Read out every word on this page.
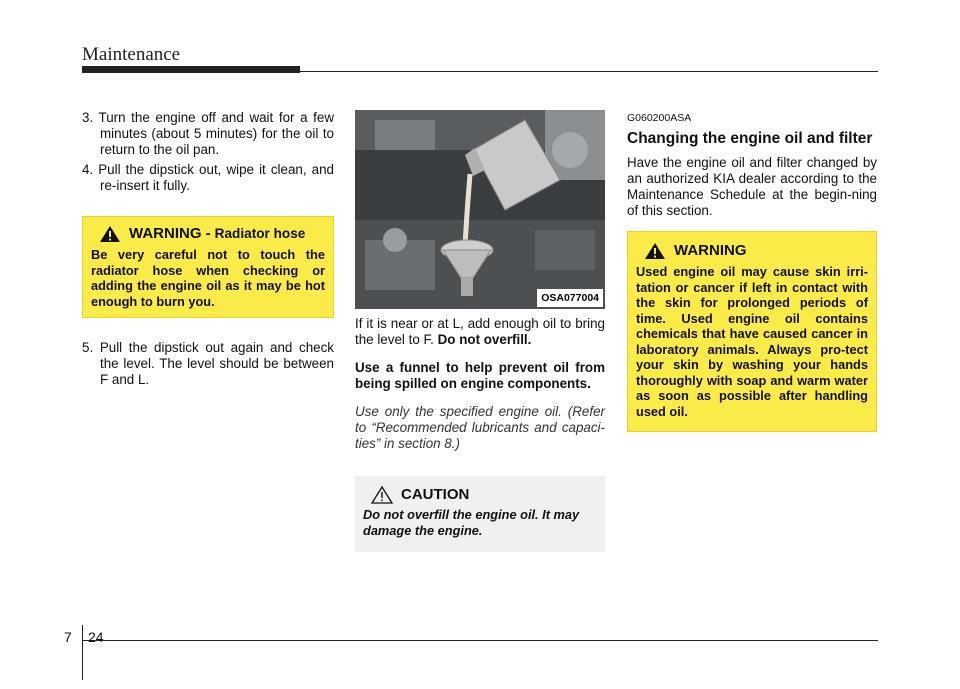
Maintenance

3. Turn the engine off and wait for a few minutes (about 5 minutes) for the oil to return to the oil pan.

4. Pull the dipstick out, wipe it clean, and re-insert it fully.

WARNING - Radiator hose
Be very careful not to touch the radiator hose when checking or adding the engine oil as it may be hot enough to burn you.

5. Pull the dipstick out again and check the level. The level should be between F and L.

OSA077004

If it is near or at L, add enough oil to bring the level to F. Do not overfill.

Use a funnel to help prevent oil from being spilled on engine components.

Use only the specified engine oil. (Refer to “Recommended lubricants and capaci-ties” in section 8.)

CAUTION
Do not overfill the engine oil. It may damage the engine.
G060200ASA
Changing the engine oil and filter

Have the engine oil and filter changed by an authorized KIA dealer according to the Maintenance Schedule at the begin-ning of this section.

WARNING
Used engine oil may cause skin irri-tation or cancer if left in contact with the skin for prolonged periods of time. Used engine oil contains chemicals that have caused cancer in laboratory animals. Always pro-tect your skin by washing your hands thoroughly with soap and warm water as soon as possible after handling used oil.
7 24
